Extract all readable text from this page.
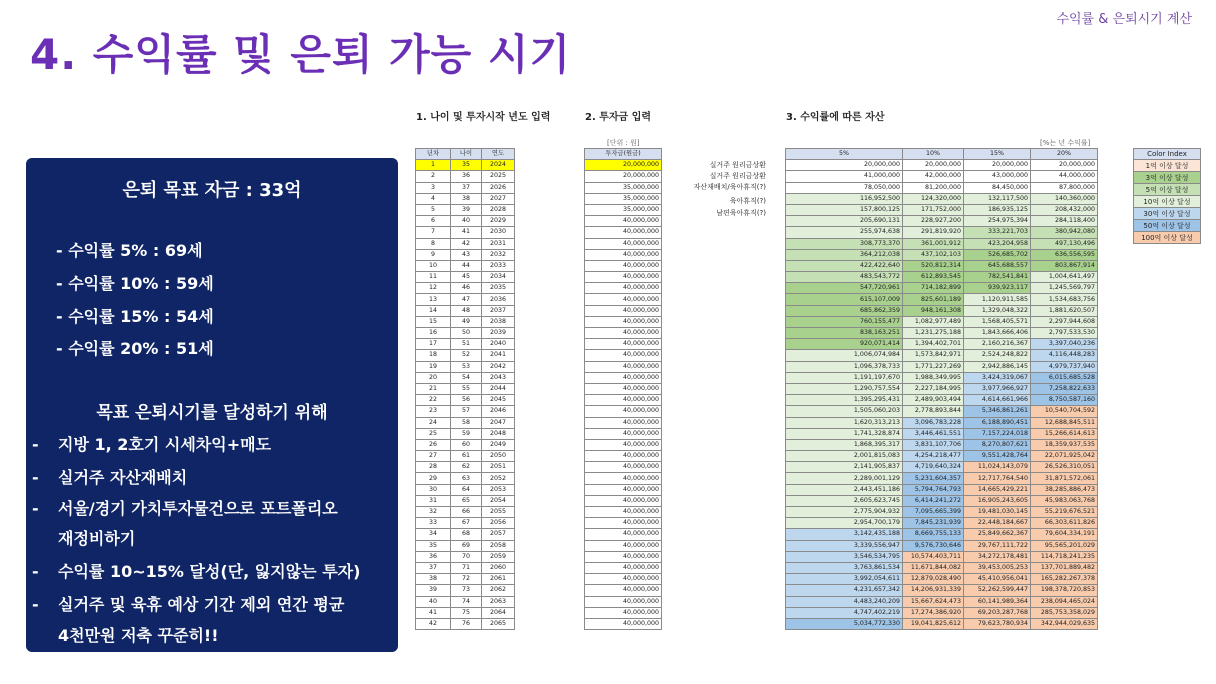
수익률 & 은퇴시기 계산
4. 수익률 및 은퇴 가능 시기
은퇴 목표 자금 : 33억
- 수익률 5% : 69세
- 수익률 10% : 59세
- 수익률 15% : 54세
- 수익률 20% : 51세
목표 은퇴시기를 달성하기 위해
- 지방 1, 2호기 시세차익+매도
- 실거주 자산재배치
- 서울/경기 가치투자물건으로 포트폴리오
재정비하기
- 수익률 10~15% 달성(단, 잃지않는 투자)
- 실거주 및 육휴 예상 기간 제외 연간 평균
4천만원 저축 꾸준히!!
1. 나이 및 투자시작 년도 입력	2. 투자금 입력	3. 수익률에 따른 자산
[단위 : 원]	[%는 년 수익률]
년차	나이	연도
1	35	2024
2	36	2025
3	37	2026
4	38	2027
5	39	2028
6	40	2029
7	41	2030
8	42	2031
9	43	2032
10	44	2033
11	45	2034
12	46	2035
13	47	2036
14	48	2037
15	49	2038
16	50	2039
17	51	2040
18	52	2041
19	53	2042
20	54	2043
21	55	2044
22	56	2045
23	57	2046
24	58	2047
25	59	2048
26	60	2049
27	61	2050
28	62	2051
29	63	2052
30	64	2053
31	65	2054
32	66	2055
33	67	2056
34	68	2057
35	69	2058
36	70	2059
37	71	2060
38	72	2061
39	73	2062
40	74	2063
41	75	2064
42	76	2065
투자금(원금)
20,000,000
20,000,000
35,000,000
35,000,000
35,000,000
40,000,000
40,000,000
40,000,000
40,000,000
40,000,000
40,000,000
40,000,000
40,000,000
40,000,000
40,000,000
40,000,000
40,000,000
40,000,000
40,000,000
40,000,000
40,000,000
40,000,000
40,000,000
40,000,000
40,000,000
40,000,000
40,000,000
40,000,000
40,000,000
40,000,000
40,000,000
40,000,000
40,000,000
40,000,000
40,000,000
40,000,000
40,000,000
40,000,000
40,000,000
40,000,000
40,000,000
40,000,000
실거주 원리금상환
실거주 원리금상환
자산재배치/육아휴직(?)
육아휴직(?)
남편육아휴직(?)
5%	10%	15%	20%
20,000,000	20,000,000	20,000,000	20,000,000
41,000,000	42,000,000	43,000,000	44,000,000
78,050,000	81,200,000	84,450,000	87,800,000
116,952,500	124,320,000	132,117,500	140,360,000
157,800,125	171,752,000	186,935,125	208,432,000
205,690,131	228,927,200	254,975,394	284,118,400
255,974,638	291,819,920	333,221,703	380,942,080
308,773,370	361,001,912	423,204,958	497,130,496
364,212,038	437,102,103	526,685,702	636,556,595
422,422,640	520,812,314	645,688,557	803,867,914
483,543,772	612,893,545	782,541,841	1,004,641,497
547,720,961	714,182,899	939,923,117	1,245,569,797
615,107,009	825,601,189	1,120,911,585	1,534,683,756
685,862,359	948,161,308	1,329,048,322	1,881,620,507
760,155,477	1,082,977,489	1,568,405,571	2,297,944,608
838,163,251	1,231,275,188	1,843,666,406	2,797,533,530
920,071,414	1,394,402,701	2,160,216,367	3,397,040,236
1,006,074,984	1,573,842,971	2,524,248,822	4,116,448,283
1,096,378,733	1,771,227,269	2,942,886,145	4,979,737,940
1,191,197,670	1,988,349,995	3,424,319,067	6,015,685,528
1,290,757,554	2,227,184,995	3,977,966,927	7,258,822,633
1,395,295,431	2,489,903,494	4,614,661,966	8,750,587,160
1,505,060,203	2,778,893,844	5,346,861,261	10,540,704,592
1,620,313,213	3,096,783,228	6,188,890,451	12,688,845,511
1,741,328,874	3,446,461,551	7,157,224,018	15,266,614,613
1,868,395,317	3,831,107,706	8,270,807,621	18,359,937,535
2,001,815,083	4,254,218,477	9,551,428,764	22,071,925,042
2,141,905,837	4,719,640,324	11,024,143,079	26,526,310,051
2,289,001,129	5,231,604,357	12,717,764,540	31,871,572,061
2,443,451,186	5,794,764,793	14,665,429,221	38,285,886,473
2,605,623,745	6,414,241,272	16,905,243,605	45,983,063,768
2,775,904,932	7,095,665,399	19,481,030,145	55,219,676,521
2,954,700,179	7,845,231,939	22,448,184,667	66,303,611,826
3,142,435,188	8,669,755,133	25,849,662,367	79,604,334,191
3,339,556,947	9,576,730,646	29,767,111,722	95,565,201,029
3,546,534,795	10,574,403,711	34,272,178,481	114,718,241,235
3,763,861,534	11,671,844,082	39,453,005,253	137,701,889,482
3,992,054,611	12,879,028,490	45,410,956,041	165,282,267,378
4,231,657,342	14,206,931,339	52,262,599,447	198,378,720,853
4,483,240,209	15,667,624,473	60,141,989,364	238,094,465,024
4,747,402,219	17,274,386,920	69,203,287,768	285,753,358,029
5,034,772,330	19,041,825,612	79,623,780,934	342,944,029,635
Color Index
1억 이상 달성
3억 이상 달성
5억 이상 달성
10억 이상 달성
30억 이상 달성
50억 이상 달성
100억 이상 달성
